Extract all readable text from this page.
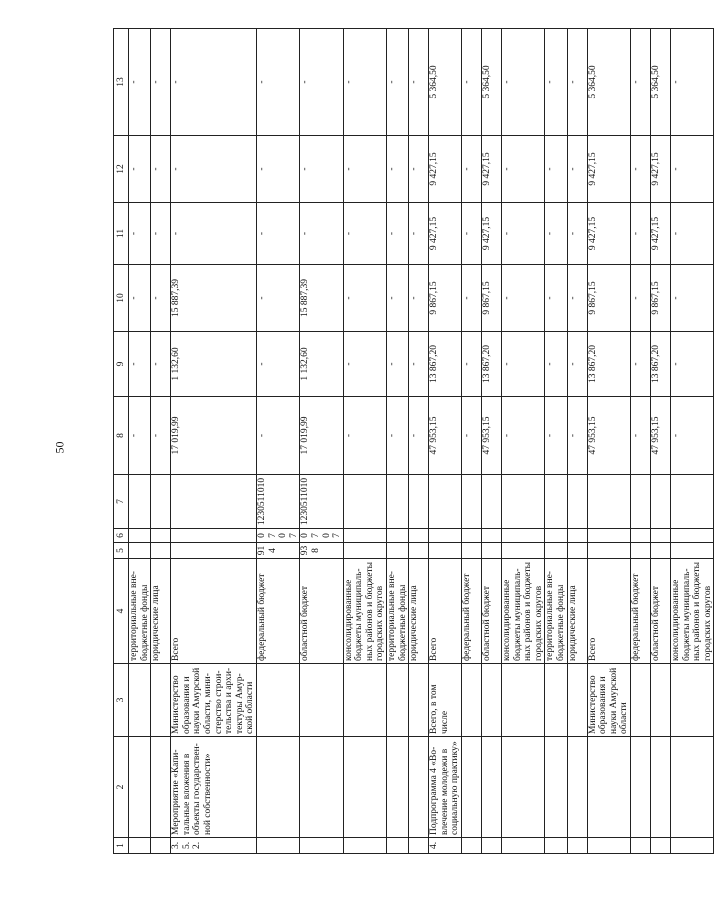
50
1	2	3	4	5	6	7	8	9	10	11	12	13
			территориальные вне-бюджетные фонды				-	-	-	-	-	-
			юридические лица				-	-	-	-	-	-
3.5.2.	Мероприятие «Капи-тальные вложения в объекты государствен-ной собственности»	Министерство образования и науки Амурской области, мини-стерство строи-тельства и архи-тектуры Амур-ской области	Всего				17 019,99	1 132,60	15 887,39	-	-	-
			федеральный бюджет	914	0707	1230511010	-	-	-	-	-	-
			областной бюджет	938	0707	1230511010	17 019,99	1 132,60	15 887,39	-	-	-
			консолидированные бюджеты муниципаль-ных районов и бюджеты городских округов				-	-	-	-	-	-
			территориальные вне-бюджетные фонды				-	-	-	-	-	-
			юридические лица				-	-	-	-	-	-
4.	Подпрограмма 4 «Во-влечение молодежи в социальную практику»	Всего, в том числе	Всего				47 953,15	13 867,20	9 867,15	9 427,15	9 427,15	5 364,50
			федеральный бюджет				-	-	-	-	-	-
			областной бюджет				47 953,15	13 867,20	9 867,15	9 427,15	9 427,15	5 364,50
			консолидированные бюджеты муниципаль-ных районов и бюджеты городских округов				-	-	-	-	-	-
			территориальные вне-бюджетные фонды				-	-	-	-	-	-
			юридические лица				-	-	-	-	-	-
		Министерство образования и науки Амурской области	Всего				47 953,15	13 867,20	9 867,15	9 427,15	9 427,15	5 364,50
			федеральный бюджет				-	-	-	-	-	-
			областной бюджет				47 953,15	13 867,20	9 867,15	9 427,15	9 427,15	5 364,50
			консолидированные бюджеты муниципаль-ных районов и бюджеты городских округов				-	-	-	-	-	-
